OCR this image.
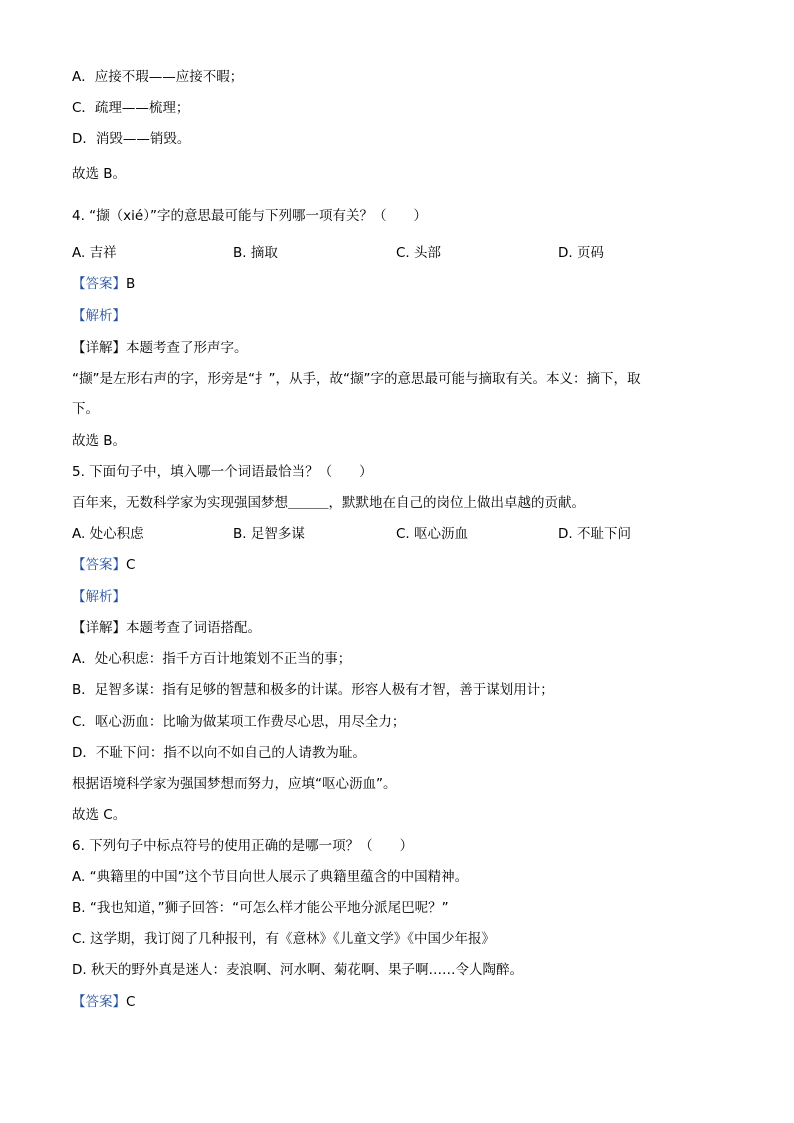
A．应接不瑕——应接不暇；
C．疏理——梳理；
D．消毁——销毁。
故选 B。
4. “撷（xié）”字的意思最可能与下列哪一项有关？（　　）
A. 吉祥	B. 摘取	C. 头部	D. 页码
【答案】B
【解析】
【详解】本题考查了形声字。
“撷”是左形右声的字，形旁是“扌”，从手，故“撷”字的意思最可能与摘取有关。本义：摘下，取
下。
故选 B。
5. 下面句子中，填入哪一个词语最恰当？（　　）
百年来，无数科学家为实现强国梦想＿＿＿，默默地在自己的岗位上做出卓越的贡献。
A. 处心积虑	B. 足智多谋	C. 呕心沥血	D. 不耻下问
【答案】C
【解析】
【详解】本题考查了词语搭配。
A．处心积虑：指千方百计地策划不正当的事；
B．足智多谋：指有足够的智慧和极多的计谋。形容人极有才智，善于谋划用计；
C．呕心沥血：比喻为做某项工作费尽心思，用尽全力；
D．不耻下问：指不以向不如自己的人请教为耻。
根据语境科学家为强国梦想而努力，应填“呕心沥血”。
故选 C。
6. 下列句子中标点符号的使用正确的是哪一项？（　　）
A. “典籍里的中国”这个节目向世人展示了典籍里蕴含的中国精神。
B. “我也知道，”狮子回答：“可怎么样才能公平地分派尾巴呢？”
C. 这学期，我订阅了几种报刊，有《意林》《儿童文学》《中国少年报》
D. 秋天的野外真是迷人：麦浪啊、河水啊、菊花啊、果子啊……令人陶醉。
【答案】C
